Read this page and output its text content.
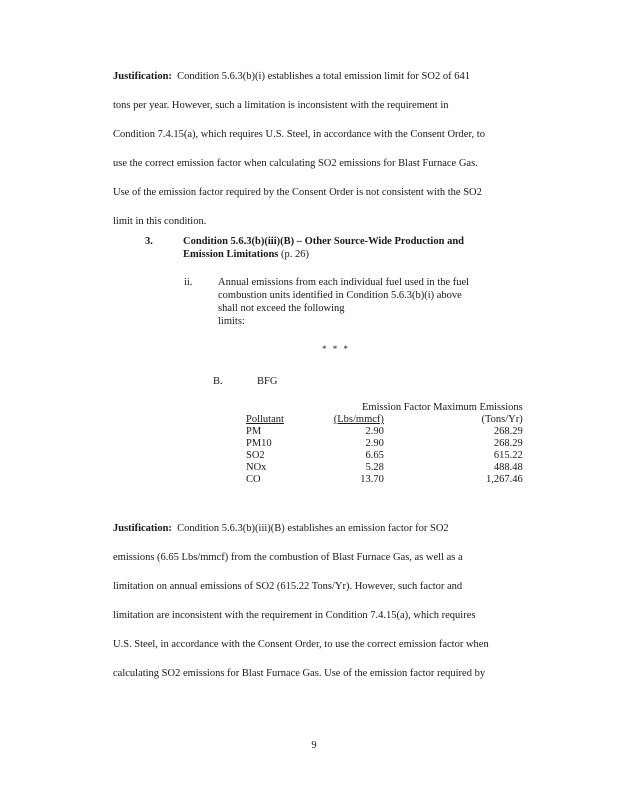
Justification: Condition 5.6.3(b)(i) establishes a total emission limit for SO2 of 641
tons per year. However, such a limitation is inconsistent with the requirement in
Condition 7.4.15(a), which requires U.S. Steel, in accordance with the Consent Order, to
use the correct emission factor when calculating SO2 emissions for Blast Furnace Gas.
Use of the emission factor required by the Consent Order is not consistent with the SO2
limit in this condition.
3.	Condition 5.6.3(b)(iii)(B) – Other Source-Wide Production and
Emission Limitations (p. 26)
ii. Annual emissions from each individual fuel used in the fuel
combustion units identified in Condition 5.6.3(b)(i) above
shall not exceed the following
limits:
* * *
B.	BFG
	Emission Factor Maximum Emissions	
Pollutant	(Lbs/mmcf)	(Tons/Yr)
PM	2.90	268.29
PM10	2.90	268.29
SO2	6.65	615.22
NOx	5.28	488.48
CO	13.70	1,267.46
Justification: Condition 5.6.3(b)(iii)(B) establishes an emission factor for SO2
emissions (6.65 Lbs/mmcf) from the combustion of Blast Furnace Gas, as well as a
limitation on annual emissions of SO2 (615.22 Tons/Yr). However, such factor and
limitation are inconsistent with the requirement in Condition 7.4.15(a), which requires
U.S. Steel, in accordance with the Consent Order, to use the correct emission factor when
calculating SO2 emissions for Blast Furnace Gas. Use of the emission factor required by
9
